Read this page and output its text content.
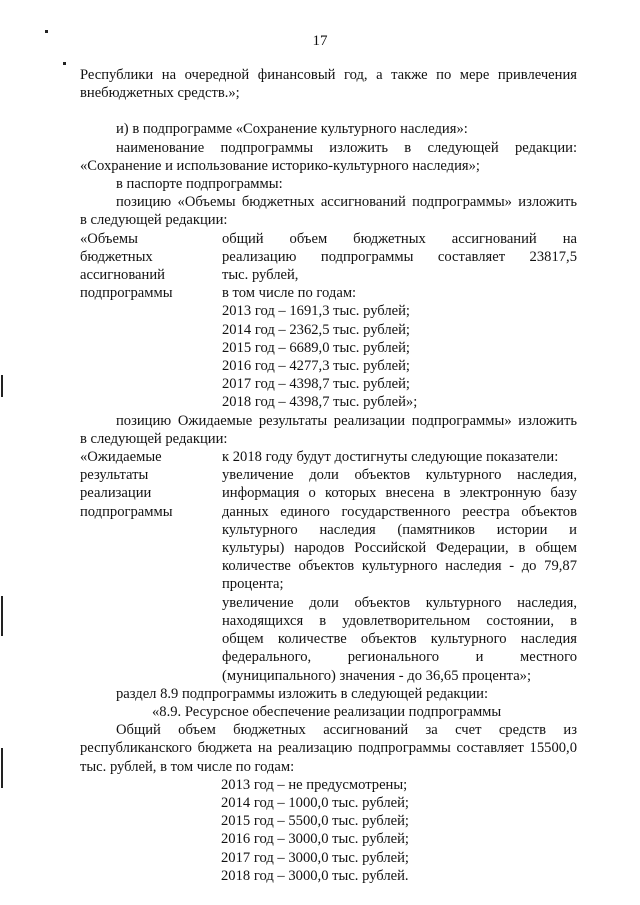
17
Республики на очередной финансовый год, а также по мере привлечения
внебюджетных средств.»;
и) в подпрограмме «Сохранение культурного наследия»:
наименование подпрограммы изложить в следующей редакции:
«Сохранение и использование историко-культурного наследия»;
в паспорте подпрограммы:
позицию «Объемы бюджетных ассигнований подпрограммы» изложить
в следующей редакции:
«Объемы
бюджетных
ассигнований
подпрограммы
общий объем бюджетных ассигнований на
реализацию подпрограммы составляет 23817,5
тыс. рублей,
в том числе по годам:
2013 год – 1691,3 тыс. рублей;
2014 год – 2362,5 тыс. рублей;
2015 год – 6689,0 тыс. рублей;
2016 год – 4277,3 тыс. рублей;
2017 год – 4398,7 тыс. рублей;
2018 год – 4398,7 тыс. рублей»;
позицию Ожидаемые результаты реализации подпрограммы» изложить
в следующей редакции:
«Ожидаемые
результаты
реализации
подпрограммы
к 2018 году будут достигнуты следующие показатели:
увеличение доли объектов культурного наследия,
информация о которых внесена в электронную базу
данных единого государственного реестра объектов
культурного наследия (памятников истории и
культуры) народов Российской Федерации, в общем
количестве объектов культурного наследия - до 79,87
процента;
увеличение доли объектов культурного наследия,
находящихся в удовлетворительном состоянии, в
общем количестве объектов культурного наследия
федерального, регионального и местного
(муниципального) значения - до 36,65 процента»;
раздел 8.9 подпрограммы изложить в следующей редакции:
«8.9. Ресурсное обеспечение реализации подпрограммы
Общий объем бюджетных ассигнований за счет средств из
республиканского бюджета на реализацию подпрограммы составляет 15500,0
тыс. рублей, в том числе по годам:
2013 год – не предусмотрены;
2014 год – 1000,0 тыс. рублей;
2015 год – 5500,0 тыс. рублей;
2016 год – 3000,0 тыс. рублей;
2017 год – 3000,0 тыс. рублей;
2018 год – 3000,0 тыс. рублей.
